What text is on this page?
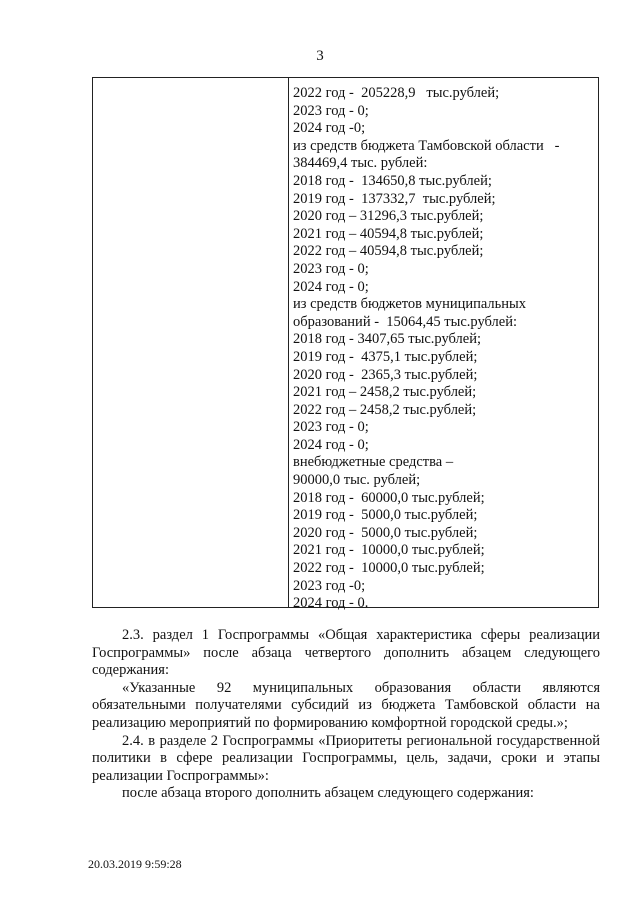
3
2022 год -  205228,9   тыс.рублей;
2023 год - 0;
2024 год -0;
из средств бюджета Тамбовской области   -
384469,4 тыс. рублей:
2018 год -  134650,8 тыс.рублей;
2019 год -  137332,7  тыс.рублей;
2020 год – 31296,3 тыс.рублей;
2021 год – 40594,8 тыс.рублей;
2022 год – 40594,8 тыс.рублей;
2023 год - 0;
2024 год - 0;
из средств бюджетов муниципальных
образований -  15064,45 тыс.рублей:
2018 год - 3407,65 тыс.рублей;
2019 год -  4375,1 тыс.рублей;
2020 год -  2365,3 тыс.рублей;
2021 год – 2458,2 тыс.рублей;
2022 год – 2458,2 тыс.рублей;
2023 год - 0;
2024 год - 0;
внебюджетные средства –
90000,0 тыс. рублей;
2018 год -  60000,0 тыс.рублей;
2019 год -  5000,0 тыс.рублей;
2020 год -  5000,0 тыс.рублей;
2021 год -  10000,0 тыс.рублей;
2022 год -  10000,0 тыс.рублей;
2023 год -0;
2024 год - 0.

2.3. раздел 1 Госпрограммы «Общая характеристика сферы реализации Госпрограммы» после абзаца четвертого дополнить абзацем следующего содержания:

«Указанные 92 муниципальных образования области являются обязательными получателями субсидий из бюджета Тамбовской области на реализацию мероприятий по формированию комфортной городской среды.»;

2.4. в разделе 2 Госпрограммы «Приоритеты региональной государственной политики в сфере реализации Госпрограммы, цель, задачи, сроки и этапы реализации Госпрограммы»:

после абзаца второго дополнить абзацем следующего содержания:

20.03.2019 9:59:28
